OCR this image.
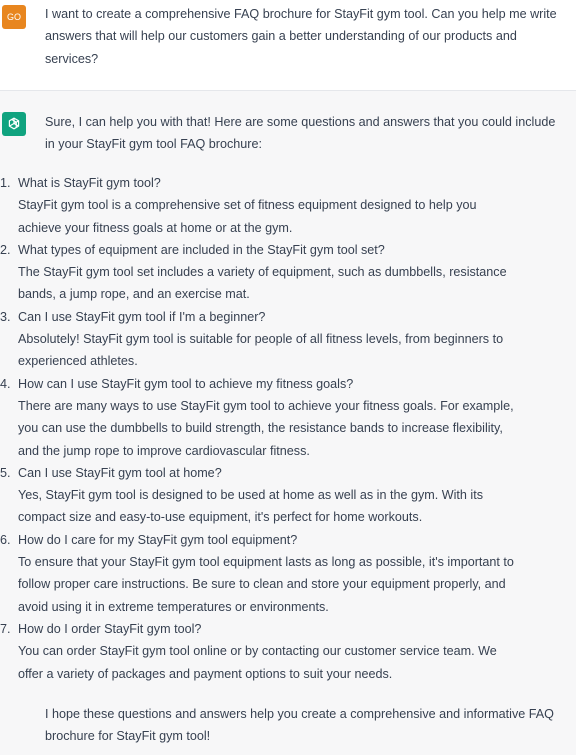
GO I want to create a comprehensive FAQ brochure for StayFit gym tool. Can you help me write answers that will help our customers gain a better understanding of our products and services?
Sure, I can help you with that! Here are some questions and answers that you could include in your StayFit gym tool FAQ brochure:
1. What is StayFit gym tool?
StayFit gym tool is a comprehensive set of fitness equipment designed to help you achieve your fitness goals at home or at the gym.
2. What types of equipment are included in the StayFit gym tool set?
The StayFit gym tool set includes a variety of equipment, such as dumbbells, resistance bands, a jump rope, and an exercise mat.
3. Can I use StayFit gym tool if I'm a beginner?
Absolutely! StayFit gym tool is suitable for people of all fitness levels, from beginners to experienced athletes.
4. How can I use StayFit gym tool to achieve my fitness goals?
There are many ways to use StayFit gym tool to achieve your fitness goals. For example, you can use the dumbbells to build strength, the resistance bands to increase flexibility, and the jump rope to improve cardiovascular fitness.
5. Can I use StayFit gym tool at home?
Yes, StayFit gym tool is designed to be used at home as well as in the gym. With its compact size and easy-to-use equipment, it's perfect for home workouts.
6. How do I care for my StayFit gym tool equipment?
To ensure that your StayFit gym tool equipment lasts as long as possible, it's important to follow proper care instructions. Be sure to clean and store your equipment properly, and avoid using it in extreme temperatures or environments.
7. How do I order StayFit gym tool?
You can order StayFit gym tool online or by contacting our customer service team. We offer a variety of packages and payment options to suit your needs.
I hope these questions and answers help you create a comprehensive and informative FAQ brochure for StayFit gym tool!
